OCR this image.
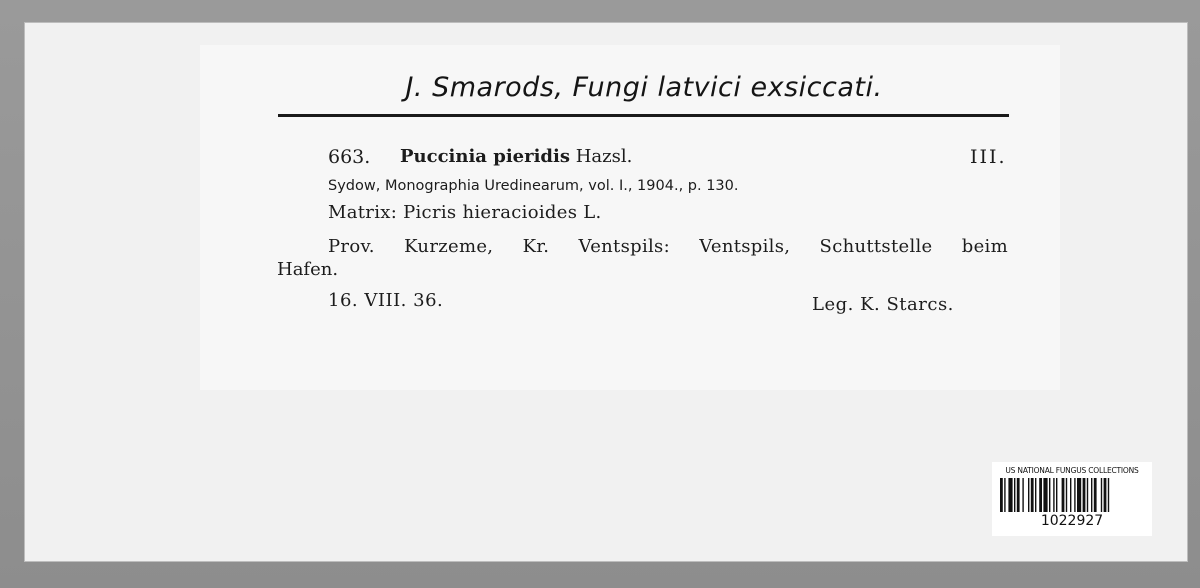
J. Smarods, Fungi latvici exsiccati.
663. Puccinia pieridis Hazsl.	III.
Sydow, Monographia Uredinearum, vol. I., 1904., p. 130.
Matrix: Picris hieracioides L.
Prov. Kurzeme, Kr. Ventspils: Ventspils, Schuttstelle beim
Hafen.
16. VIII. 36.	Leg. K. Starcs.
US NATIONAL FUNGUS COLLECTIONS
1022927
